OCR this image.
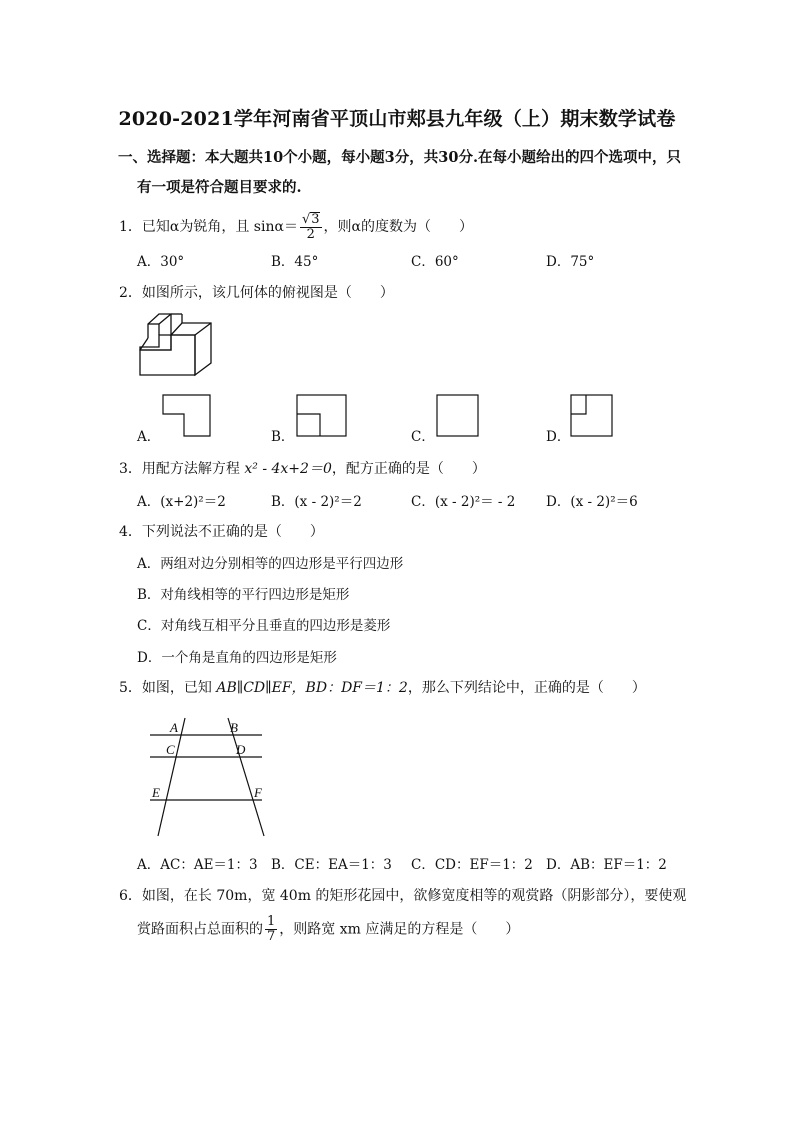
2020-2021学年河南省平顶山市郏县九年级（上）期末数学试卷
一、选择题：本大题共10个小题，每小题3分，共30分.在每小题给出的四个选项中，只
有一项是符合题目要求的.
1．已知α为锐角，且 $\sin\alpha= \frac{√3}{2}$ ，则α的度数为（　　）
A．30°	B．45°	C．60°	D．75°
2．如图所示，该几何体的俯视图是（　　）
A．	B．	C．	D．
3．用配方法解方程 x² - 4x+2＝0，配方正确的是（　　）
A．(x+2)²＝2	B．(x - 2)²＝2	C．(x - 2)²＝ - 2 D．(x - 2)²＝6
4．下列说法不正确的是（　　）
A．两组对边分别相等的四边形是平行四边形
B．对角线相等的平行四边形是矩形
C．对角线互相平分且垂直的四边形是菱形
D．一个角是直角的四边形是矩形
5．如图，已知 AB∥CD∥EF，BD：DF＝1：2，那么下列结论中，正确的是（　　）
A	B
C	D
E	F
A．AC：AE＝1：3 B．CE：EA＝1：3 C．CD：EF＝1：2 D．AB：EF＝1：2
6．如图，在长 70m，宽 40m 的矩形花园中，欲修宽度相等的观赏路（阴影部分），要使观
赏路面积占总面积的 $\frac{1}{7}$ ，则路宽 xm 应满足的方程是（　　）
